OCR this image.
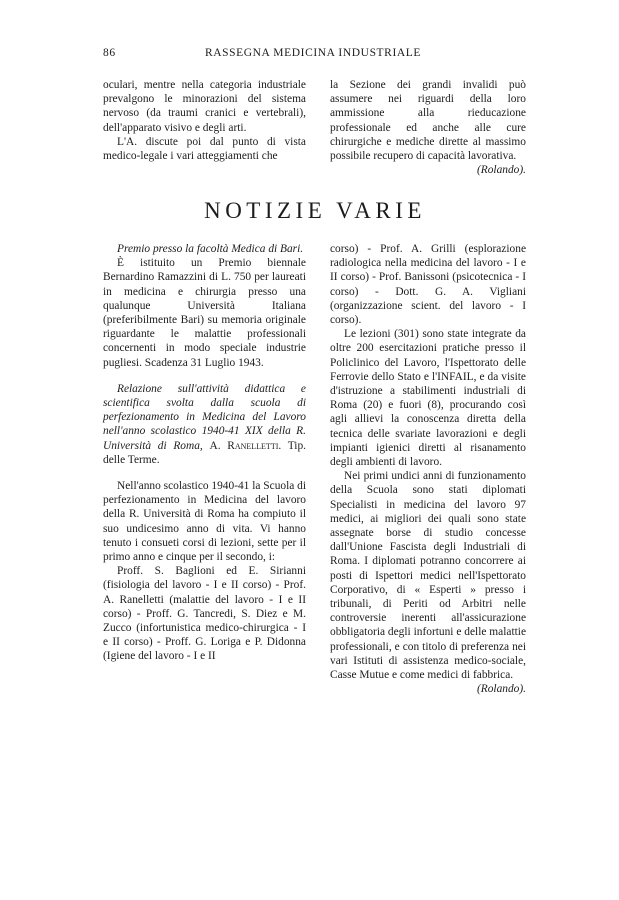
86	RASSEGNA MEDICINA INDUSTRIALE

oculari, mentre nella categoria industriale prevalgono le minorazioni del sistema nervoso (da traumi cranici e vertebrali), dell'apparato visivo e degli arti.

L'A. discute poi dal punto di vista medico-legale i vari atteggiamenti che

la Sezione dei grandi invalidi può assumere nei riguardi della loro ammissione alla rieducazione professionale ed anche alle cure chirurgiche e mediche dirette al massimo possibile recupero di capacità lavorativa.

(Rolando).

NOTIZIE VARIE

Premio presso la facoltà Medica di Bari.

È istituito un Premio biennale Bernardino Ramazzini di L. 750 per laureati in medicina e chirurgia presso una qualunque Università Italiana (preferibilmente Bari) su memoria originale riguardante le malattie professionali concernenti in modo speciale industrie pugliesi. Scadenza 31 Luglio 1943.

Relazione sull'attività didattica e scientifica svolta dalla scuola di perfezionamento in Medicina del Lavoro nell'anno scolastico 1940-41 XIX della R. Università di Roma, A. Ranelletti. Tip. delle Terme.

Nell'anno scolastico 1940-41 la Scuola di perfezionamento in Medicina del lavoro della R. Università di Roma ha compiuto il suo undicesimo anno di vita. Vi hanno tenuto i consueti corsi di lezioni, sette per il primo anno e cinque per il secondo, i:

Proff. S. Baglioni ed E. Sirianni (fisiologia del lavoro - I e II corso) - Prof. A. Ranelletti (malattie del lavoro - I e II corso) - Proff. G. Tancredi, S. Diez e M. Zucco (infortunistica medico-chirurgica - I e II corso) - Proff. G. Loriga e P. Didonna (Igiene del lavoro - I e II

corso) - Prof. A. Grilli (esplorazione radiologica nella medicina del lavoro - I e II corso) - Prof. Banissoni (psicotecnica - I corso) - Dott. G. A. Vigliani (organizzazione scient. del lavoro - I corso).

Le lezioni (301) sono state integrate da oltre 200 esercitazioni pratiche presso il Policlinico del Lavoro, l'Ispettorato delle Ferrovie dello Stato e l'INFAIL, e da visite d'istruzione a stabilimenti industriali di Roma (20) e fuori (8), procurando così agli allievi la conoscenza diretta della tecnica delle svariate lavorazioni e degli impianti igienici diretti al risanamento degli ambienti di lavoro.

Nei primi undici anni di funzionamento della Scuola sono stati diplomati Specialisti in medicina del lavoro 97 medici, ai migliori dei quali sono state assegnate borse di studio concesse dall'Unione Fascista degli Industriali di Roma. I diplomati potranno concorrere ai posti di Ispettori medici nell'Ispettorato Corporativo, di « Esperti » presso i tribunali, di Periti od Arbitri nelle controversie inerenti all'assicurazione obbligatoria degli infortuni e delle malattie professionali, e con titolo di preferenza nei vari Istituti di assistenza medico-sociale, Casse Mutue e come medici di fabbrica.

(Rolando).
